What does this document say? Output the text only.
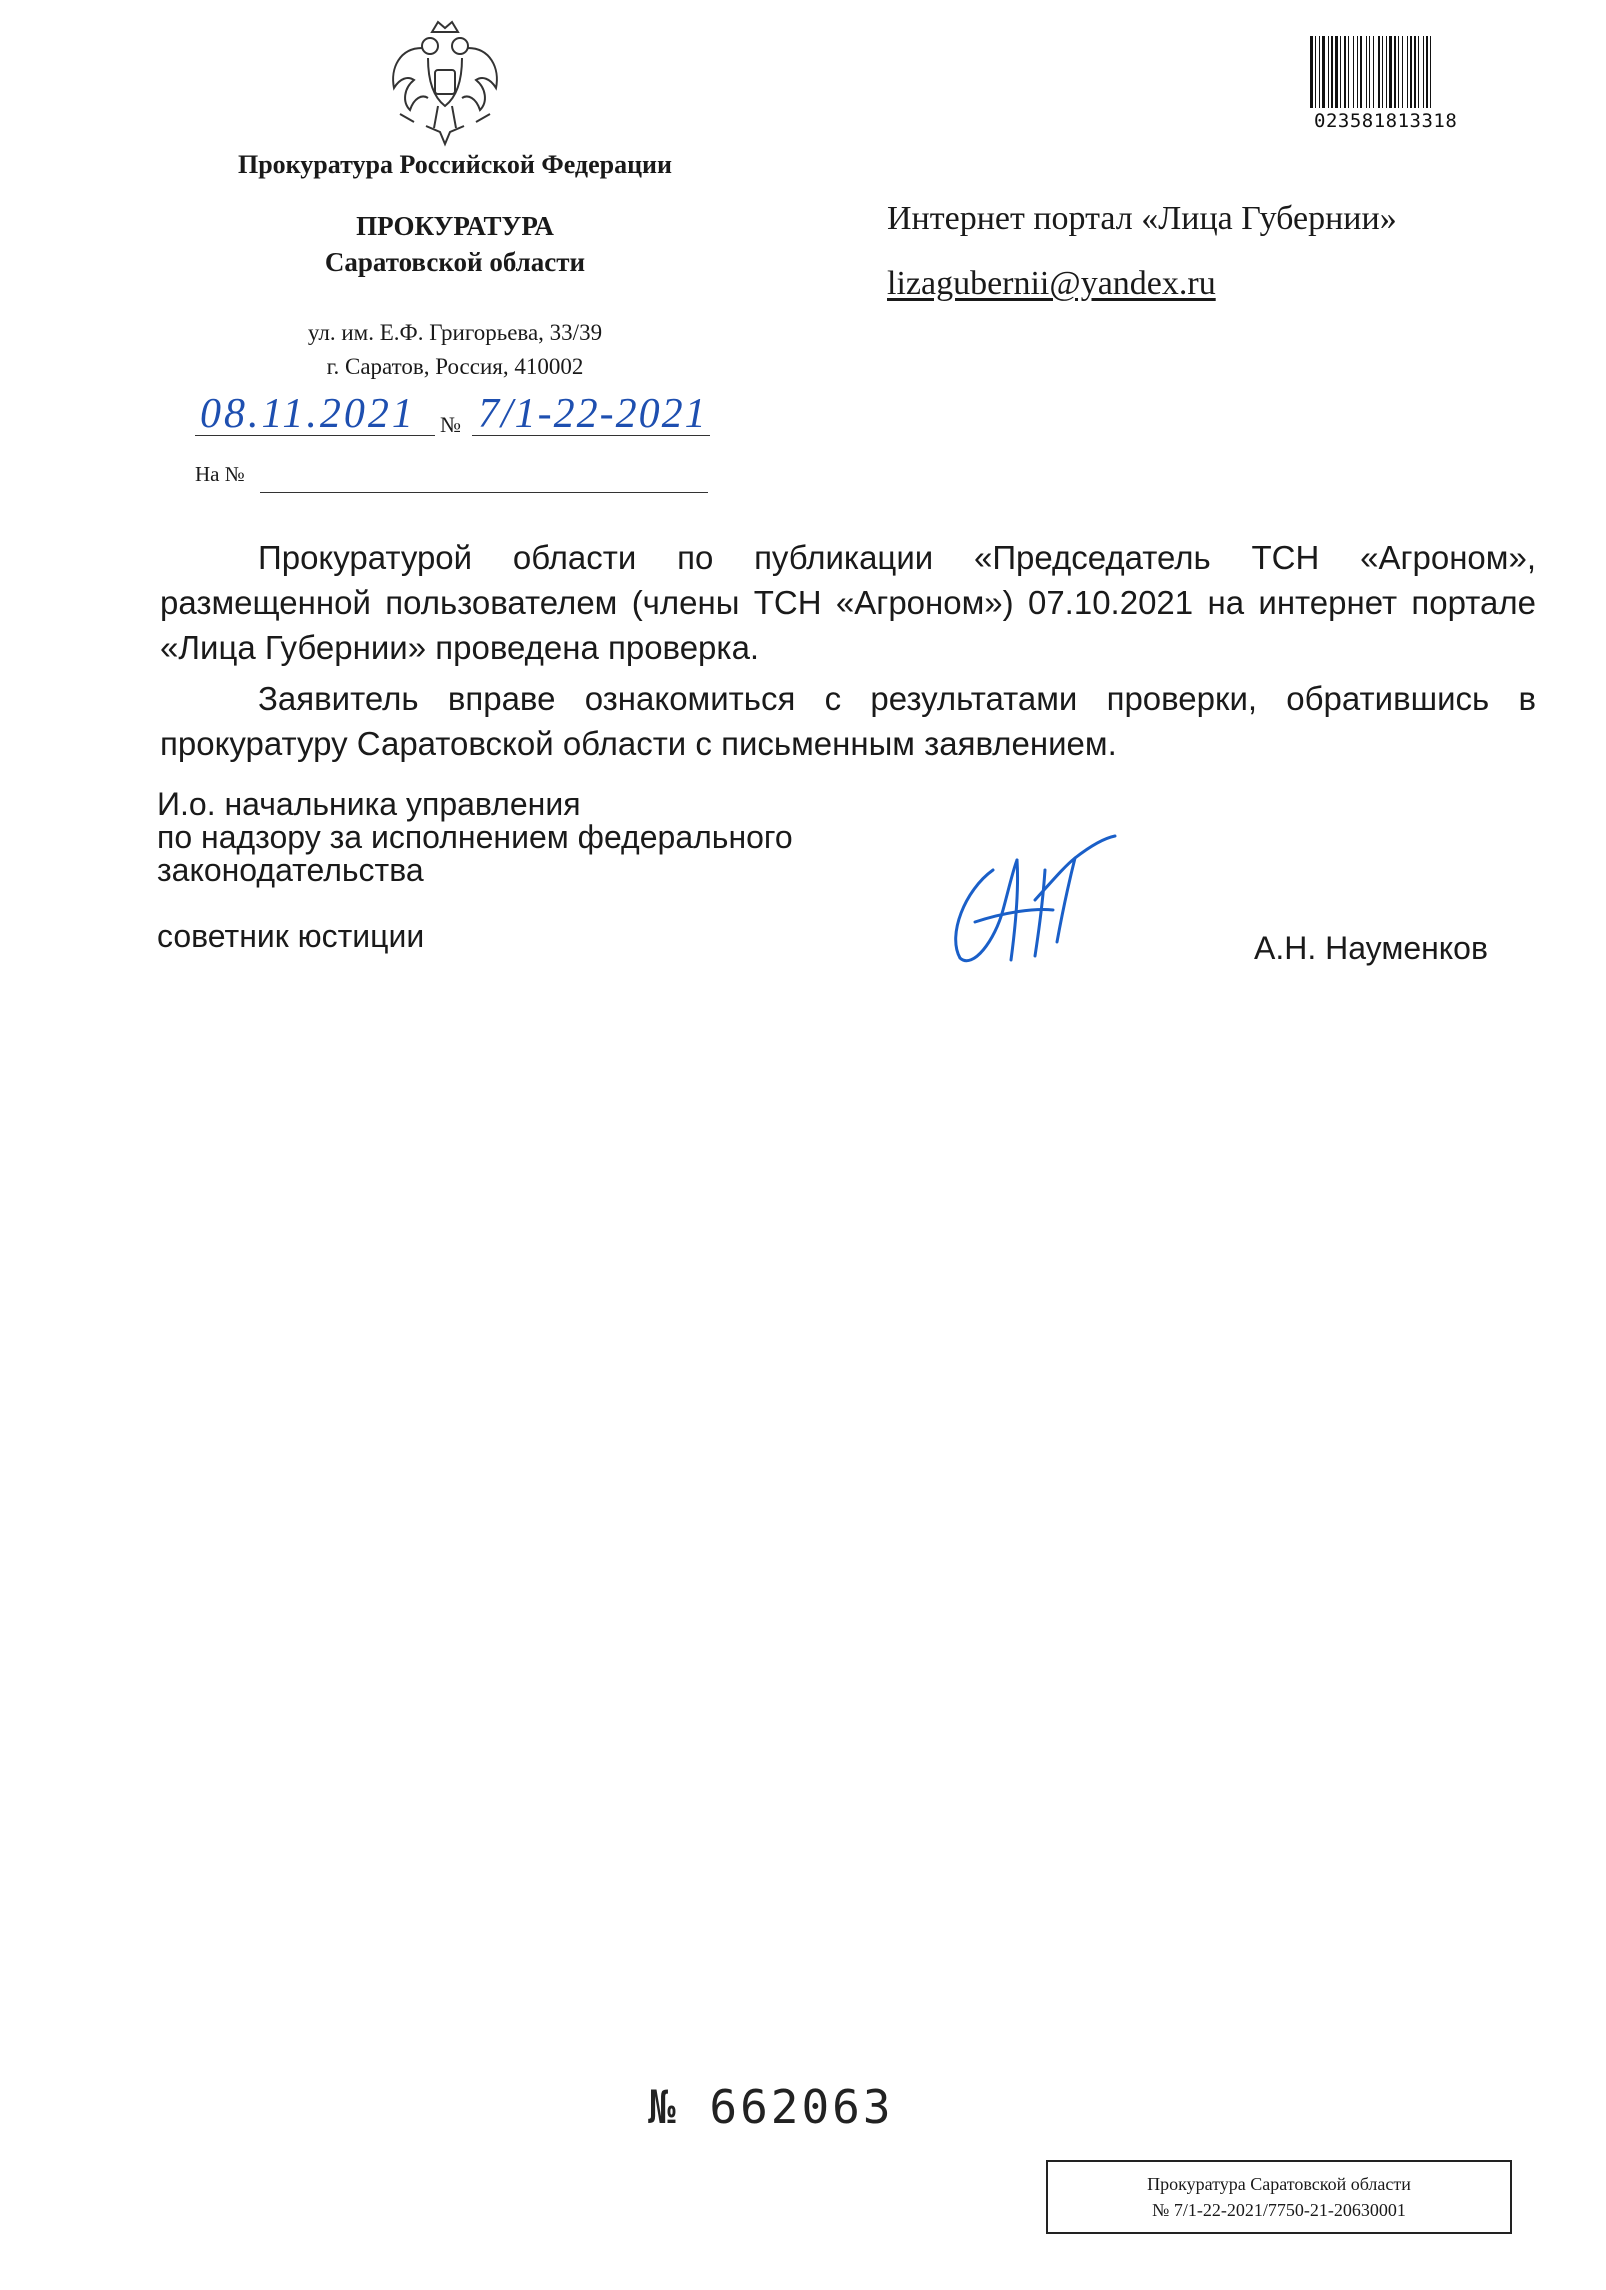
023581813318
Прокуратура Российской Федерации
ПРОКУРАТУРА
Саратовской области
ул. им. Е.Ф. Григорьева, 33/39
г. Саратов, Россия, 410002
08.11.2021 № 7/1-22-2021
На №
Интернет портал «Лица Губернии»
lizagubernii@yandex.ru

Прокуратурой области по публикации «Председатель ТСН «Агроном», размещенной пользователем (члены ТСН «Агроном») 07.10.2021 на интернет портале «Лица Губернии» проведена проверка.

Заявитель вправе ознакомиться с результатами проверки, обратившись в прокуратуру Саратовской области с письменным заявлением.

И.о. начальника управления
по надзору за исполнением федерального
законодательства
советник юстиции	А.Н. Науменков
№ 662063
Прокуратура Саратовской области
№ 7/1-22-2021/7750-21-20630001
